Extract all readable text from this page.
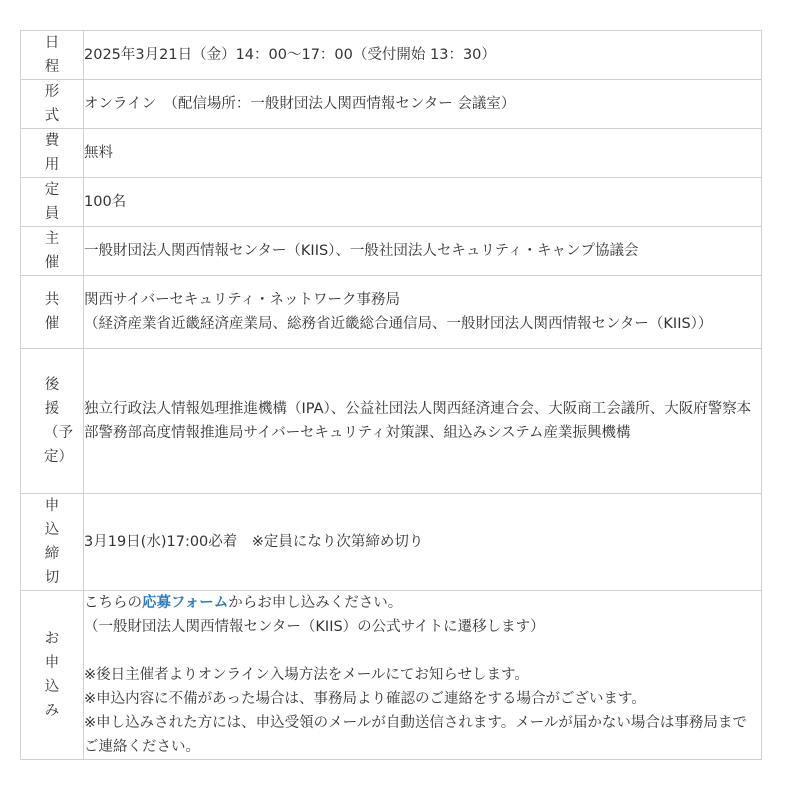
日程	2025年3月21日（金）14：00〜17：00（受付開始 13：30）
形式	オンライン　（配信場所：一般財団法人関西情報センター 会議室）
費用	無料
定員	100名
主催	一般財団法人関西情報センター（KIIS）、一般社団法人セキュリティ・キャンプ協議会
共催	関西サイバーセキュリティ・ネットワーク事務局
（経済産業省近畿経済産業局、総務省近畿総合通信局、一般財団法人関西情報センター（KIIS））

後援（予定）	独立行政法人情報処理推進機構（IPA）、公益社団法人関西経済連合会、大阪商工会議所、大阪府警察本部警務部高度情報推進局サイバーセキュリティ対策課、組込みシステム産業振興機構
申込締切	3月19日(水)17:00必着　※定員になり次第締め切り
お申込み	こちらの応募フォームからお申し込みください。
（一般財団法人関西情報センター（KIIS）の公式サイトに遷移します）
※後日主催者よりオンライン入場方法をメールにてお知らせします。
※申込内容に不備があった場合は、事務局より確認のご連絡をする場合がございます。
※申し込みされた方には、申込受領のメールが自動送信されます。メールが届かない場合は事務局までご連絡ください。
